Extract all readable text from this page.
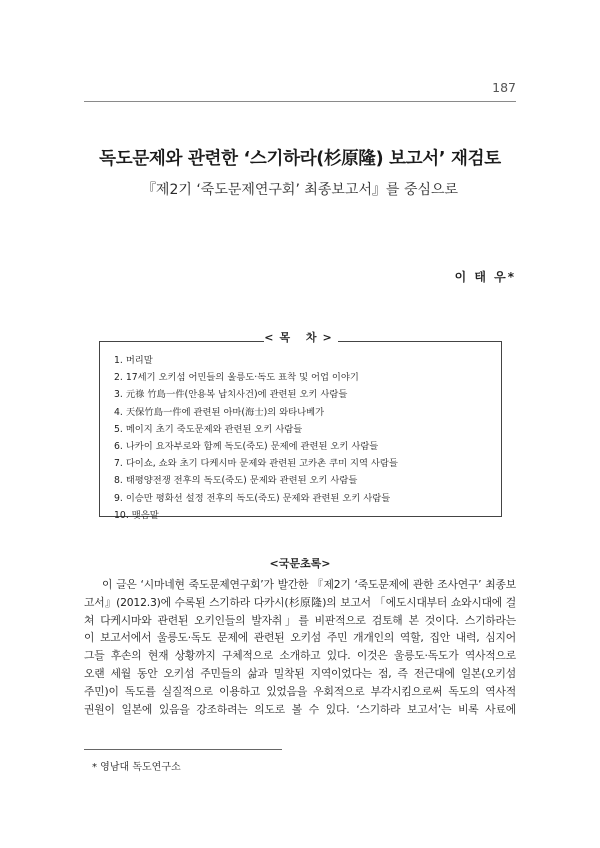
187
독도문제와 관련한 ‘스기하라(杉原隆) 보고서’ 재검토
『제2기 ‘죽도문제연구회’ 최종보고서』를 중심으로
이 태 우*
<목 차>
1. 머리말
2. 17세기 오키섬 어민들의 울릉도·독도 표착 및 어업 이야기
3. 元祿 竹島一件(안용복 납치사건)에 관련된 오키 사람들
4. 天保竹島一件에 관련된 아마(海士)의 와타나베가
5. 메이지 초기 죽도문제와 관련된 오키 사람들
6. 나카이 요자부로와 함께 독도(죽도) 문제에 관련된 오키 사람들
7. 다이쇼, 쇼와 초기 다케시마 문제와 관련된 고카촌 쿠미 지역 사람들
8. 태평양전쟁 전후의 독도(죽도) 문제와 관련된 오키 사람들
9. 이승만 평화선 설정 전후의 독도(죽도) 문제와 관련된 오키 사람들
10. 맺음말
<국문초록>
이 글은 ‘시마네현 죽도문제연구회’가 발간한 『제2기 ‘죽도문제에 관한 조사연구’ 최종보
고서』(2012.3)에 수록된 스기하라 다카시(杉原隆)의 보고서 「에도시대부터 쇼와시대에 걸
쳐 다케시마와 관련된 오키인들의 발자취」를 비판적으로 검토해 본 것이다. 스기하라는
이 보고서에서 울릉도·독도 문제에 관련된 오키섬 주민 개개인의 역할, 집안 내력, 심지어
그들 후손의 현재 상황까지 구체적으로 소개하고 있다. 이것은 울릉도·독도가 역사적으로
오랜 세월 동안 오키섬 주민들의 삶과 밀착된 지역이었다는 점, 즉 전근대에 일본(오키섬
주민)이 독도를 실질적으로 이용하고 있었음을 우회적으로 부각시킴으로써 독도의 역사적
권원이 일본에 있음을 강조하려는 의도로 볼 수 있다. ‘스기하라 보고서’는 비록 사료에
* 영남대 독도연구소
